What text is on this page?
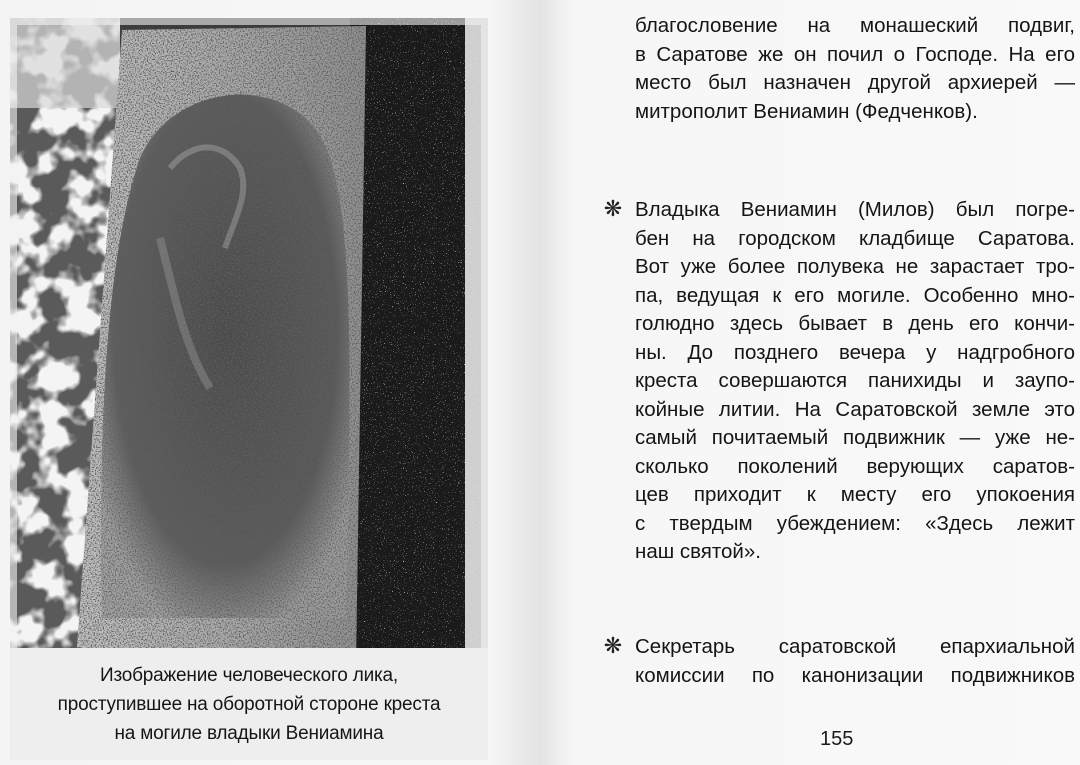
Изображение человеческого лика,
проступившее на оборотной стороне креста
на могиле владыки Вениамина
благословение на монашеский подвиг,
в Саратове же он почил о Господе. На его
место был назначен другой архиерей —
митрополит Вениамин (Федченков).
❋ Владыка Вениамин (Милов) был погре-
бен на городском кладбище Саратова.
Вот уже более полувека не зарастает тро-
па, ведущая к его могиле. Особенно мно-
голюдно здесь бывает в день его кончи-
ны. До позднего вечера у надгробного
креста совершаются панихиды и заупо-
койные литии. На Саратовской земле это
самый почитаемый подвижник — уже не-
сколько поколений верующих саратов-
цев приходит к месту его упокоения
с твердым убеждением: «Здесь лежит
наш святой».
❋ Секретарь саратовской епархиальной
комиссии по канонизации подвижников
155
